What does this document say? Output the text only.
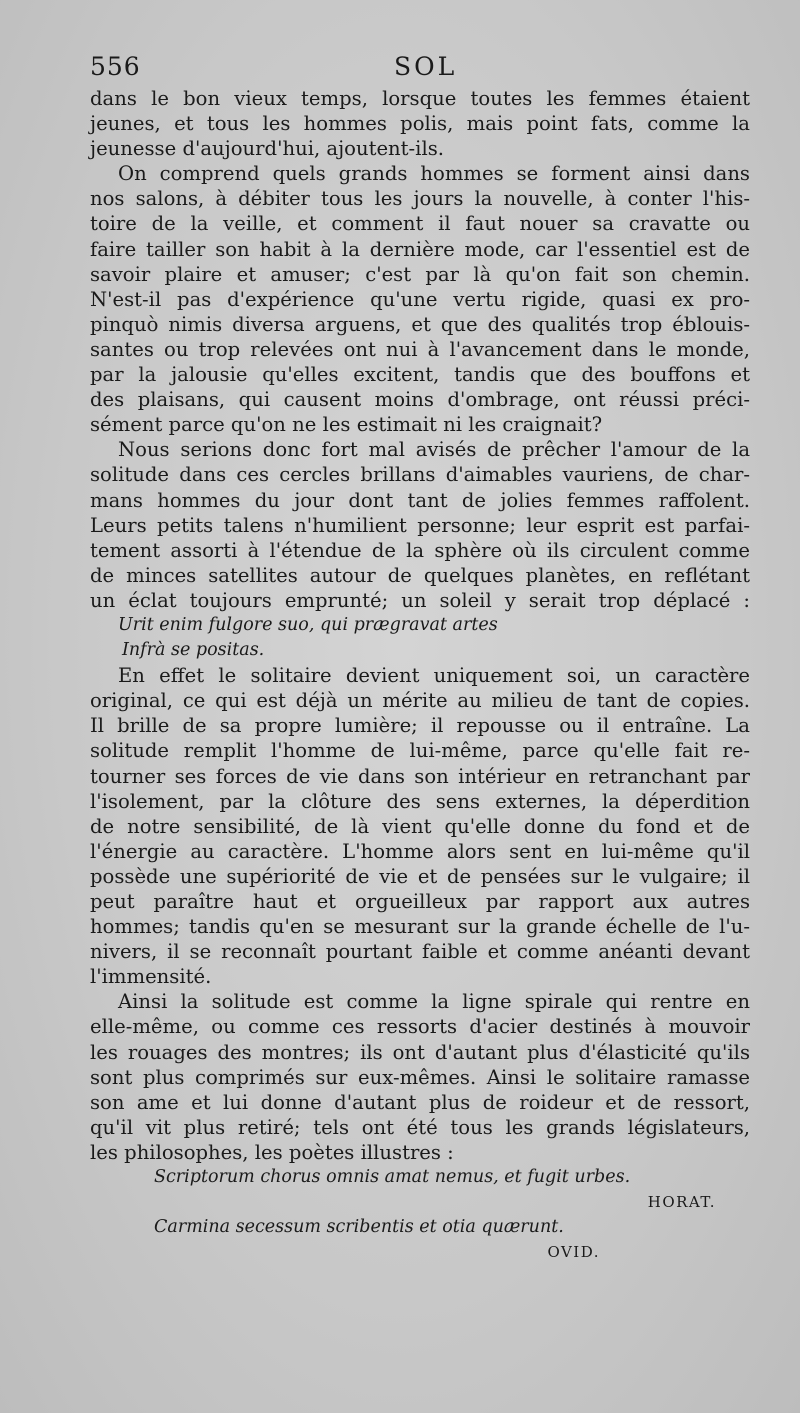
556	SOL
dans le bon vieux temps, lorsque toutes les femmes étaient
jeunes, et tous les hommes polis, mais point fats, comme la
jeunesse d'aujourd'hui, ajoutent-ils.
On comprend quels grands hommes se forment ainsi dans
nos salons, à débiter tous les jours la nouvelle, à conter l'his-
toire de la veille, et comment il faut nouer sa cravatte ou
faire tailler son habit à la dernière mode, car l'essentiel est de
savoir plaire et amuser; c'est par là qu'on fait son chemin.
N'est-il pas d'expérience qu'une vertu rigide, quasi ex pro-
pinquò nimis diversa arguens, et que des qualités trop éblouis-
santes ou trop relevées ont nui à l'avancement dans le monde,
par la jalousie qu'elles excitent, tandis que des bouffons et
des plaisans, qui causent moins d'ombrage, ont réussi préci-
sément parce qu'on ne les estimait ni les craignait?
Nous serions donc fort mal avisés de prêcher l'amour de la
solitude dans ces cercles brillans d'aimables vauriens, de char-
mans hommes du jour dont tant de jolies femmes raffolent.
Leurs petits talens n'humilient personne; leur esprit est parfai-
tement assorti à l'étendue de la sphère où ils circulent comme
de minces satellites autour de quelques planètes, en reflétant
un éclat toujours emprunté; un soleil y serait trop déplacé :
Urit enim fulgore suo, qui prægravat artes
Infrà se positas.
En effet le solitaire devient uniquement soi, un caractère
original, ce qui est déjà un mérite au milieu de tant de copies.
Il brille de sa propre lumière; il repousse ou il entraîne. La
solitude remplit l'homme de lui-même, parce qu'elle fait re-
tourner ses forces de vie dans son intérieur en retranchant par
l'isolement, par la clôture des sens externes, la déperdition
de notre sensibilité, de là vient qu'elle donne du fond et de
l'énergie au caractère. L'homme alors sent en lui-même qu'il
possède une supériorité de vie et de pensées sur le vulgaire; il
peut paraître haut et orgueilleux par rapport aux autres
hommes; tandis qu'en se mesurant sur la grande échelle de l'u-
nivers, il se reconnaît pourtant faible et comme anéanti devant
l'immensité.
Ainsi la solitude est comme la ligne spirale qui rentre en
elle-même, ou comme ces ressorts d'acier destinés à mouvoir
les rouages des montres; ils ont d'autant plus d'élasticité qu'ils
sont plus comprimés sur eux-mêmes. Ainsi le solitaire ramasse
son ame et lui donne d'autant plus de roideur et de ressort,
qu'il vit plus retiré; tels ont été tous les grands législateurs,
les philosophes, les poètes illustres :
Scriptorum chorus omnis amat nemus, et fugit urbes.
HORAT.
Carmina secessum scribentis et otia quærunt.
OVID.
